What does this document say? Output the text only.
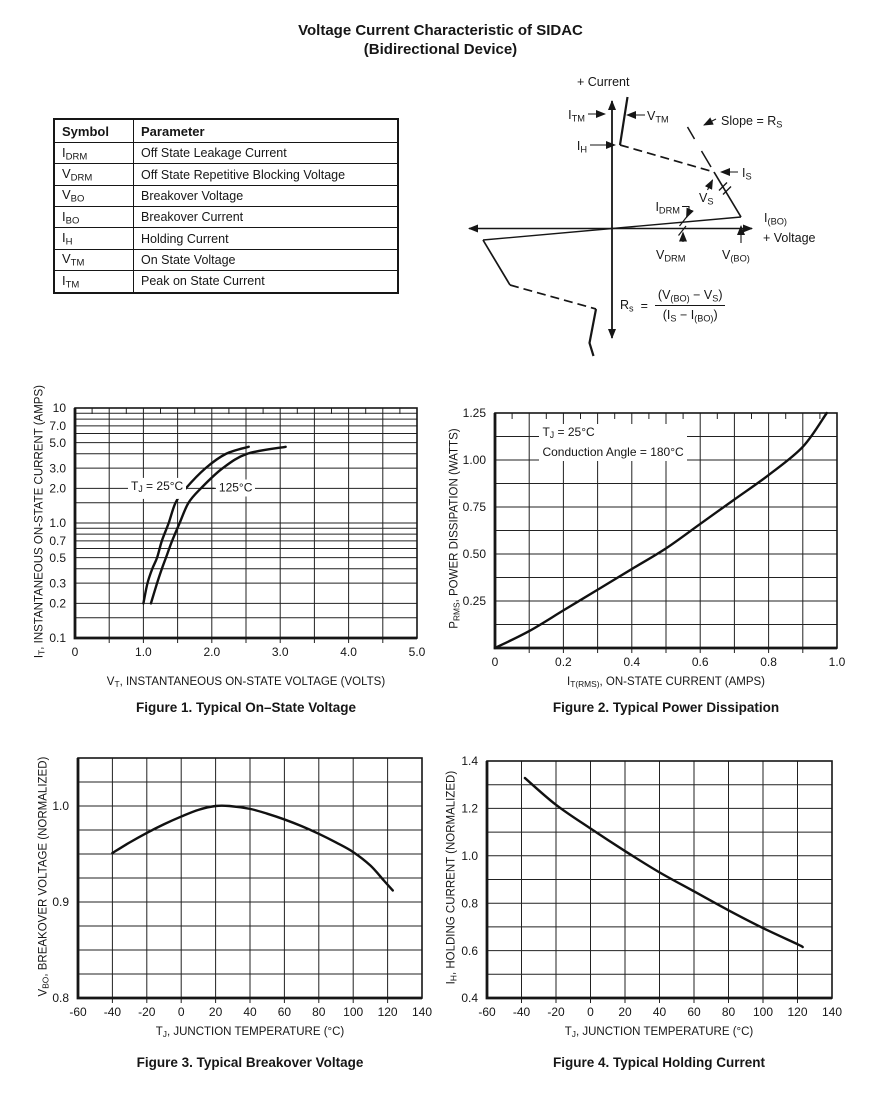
Voltage Current Characteristic of SIDAC
(Bidirectional Device)
Symbol	Parameter
$I_{DRM}$	Off State Leakage Current
$V_{DRM}$	Off State Repetitive Blocking Voltage
$V_{BO}$	Breakover Voltage
$I_{BO}$	Breakover Current
$I_H$	Holding Current
$V_{TM}$	On State Voltage
$I_{TM}$	Peak on State Current
+ Current
$I_{TM}$	$V_{TM}$
$I_H$
Slope = $R_S$
$I_S$
$V_S$
$I_{DRM}$
$I_{(BO)}$
+ Voltage
$V_{DRM}$	$V_{(BO)}$
$R_s = \frac{(V_{(BO)} - V_S)}{(I_S - I_{(BO)})}$
0.1
0.2
0.3
0.5
0.7
1.0
2.0
3.0
5.0
7.0
10
0	1.0	2.0	3.0	4.0	5.0
0.25
0.50
0.75
1.00
1.25
0	0.2	0.4	0.6	0.8	1.0
0.8
0.9
1.0
-60 -40 -20 0 20 40 60 80 100 120 140
0.4
0.6
0.8
1.0
1.2
1.4
-60 -40 -20 0 20 40 60 80 100 120 140
$T_J = 25^\circ C$	125°C
$I_T$, INSTANTANEOUS ON-STATE CURRENT (AMPS)
$V_T$, INSTANTANEOUS ON-STATE VOLTAGE (VOLTS)
Figure 1. Typical On–State Voltage
$T_J = 25^\circ C$
Conduction Angle = 180°C
$P_{RMS}$, POWER DISSIPATION (WATTS)
$I_{T(RMS)}$, ON-STATE CURRENT (AMPS)
Figure 2. Typical Power Dissipation
$V_{BO}$, BREAKOVER VOLTAGE (NORMALIZED)
$T_J$, JUNCTION TEMPERATURE (°C)
Figure 3. Typical Breakover Voltage
$I_H$, HOLDING CURRENT (NORMALIZED)
$T_J$, JUNCTION TEMPERATURE (°C)
Figure 4. Typical Holding Current
